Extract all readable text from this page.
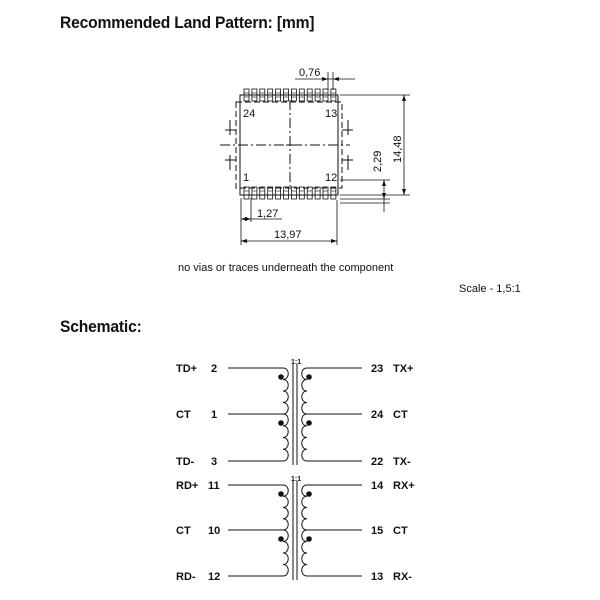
Recommended Land Pattern: [mm]
Schematic:
no vias or traces underneath the component
Scale - 1,5:1
24	13
1	12
0,76
1,27
13,97
14,48
2,29
TD+ 2
CT 1
TD- 3
23 TX+
24 CT
22 TX-
1:1
RD+ 11
CT 10
RD- 12
14 RX+
15 CT
13 RX-
1:1
